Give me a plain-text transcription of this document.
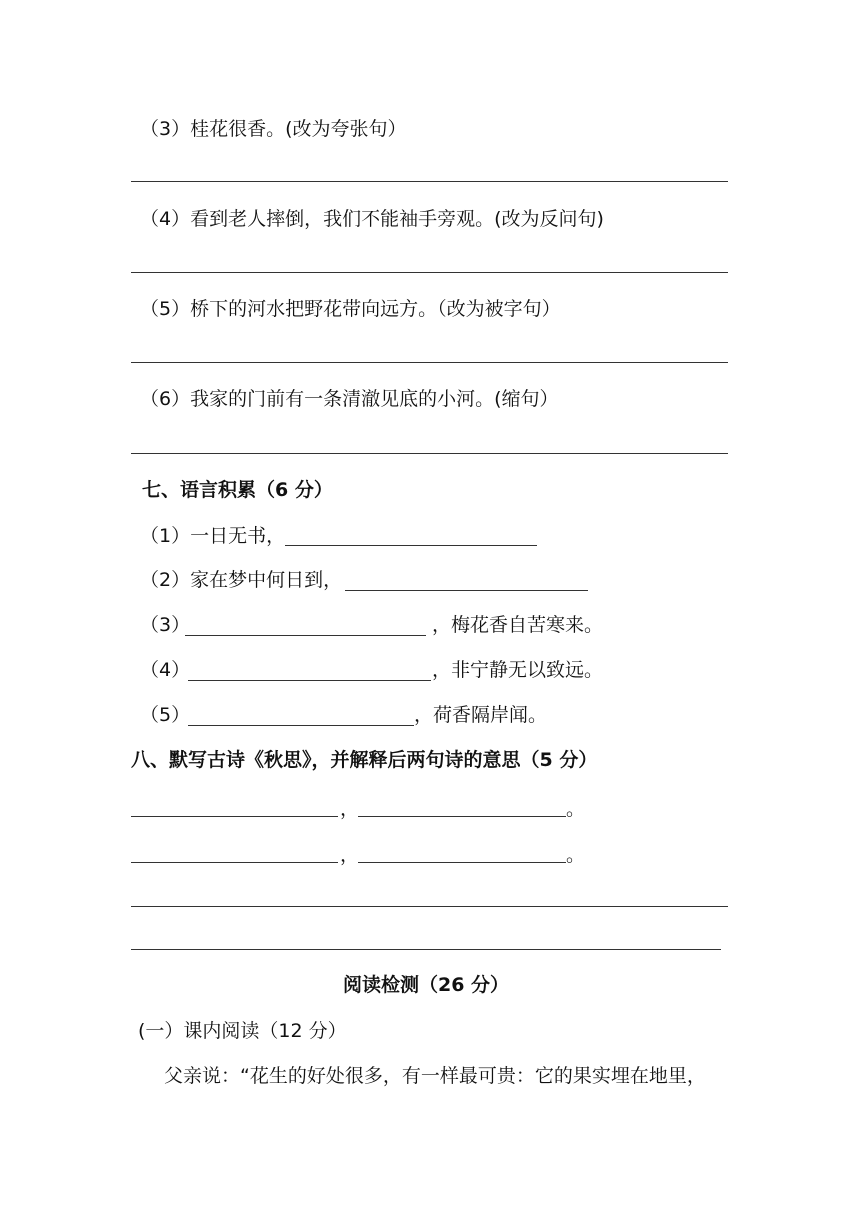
（3）桂花很香。(改为夸张句）
（4）看到老人摔倒，我们不能袖手旁观。(改为反问句)
（5）桥下的河水把野花带向远方。（改为被字句）
（6）我家的门前有一条清澈见底的小河。(缩句）
七、语言积累（6 分）
（1）一日无书，
（2）家在梦中何日到，
（3）	，梅花香自苦寒来。
（4）	，非宁静无以致远。
（5）	，荷香隔岸闻。
八、默写古诗《秋思》，并解释后两句诗的意思（5 分）
，	。
，	。
阅读检测（26 分）
(一）课内阅读（12 分）
父亲说：“花生的好处很多，有一样最可贵：它的果实埋在地里，
